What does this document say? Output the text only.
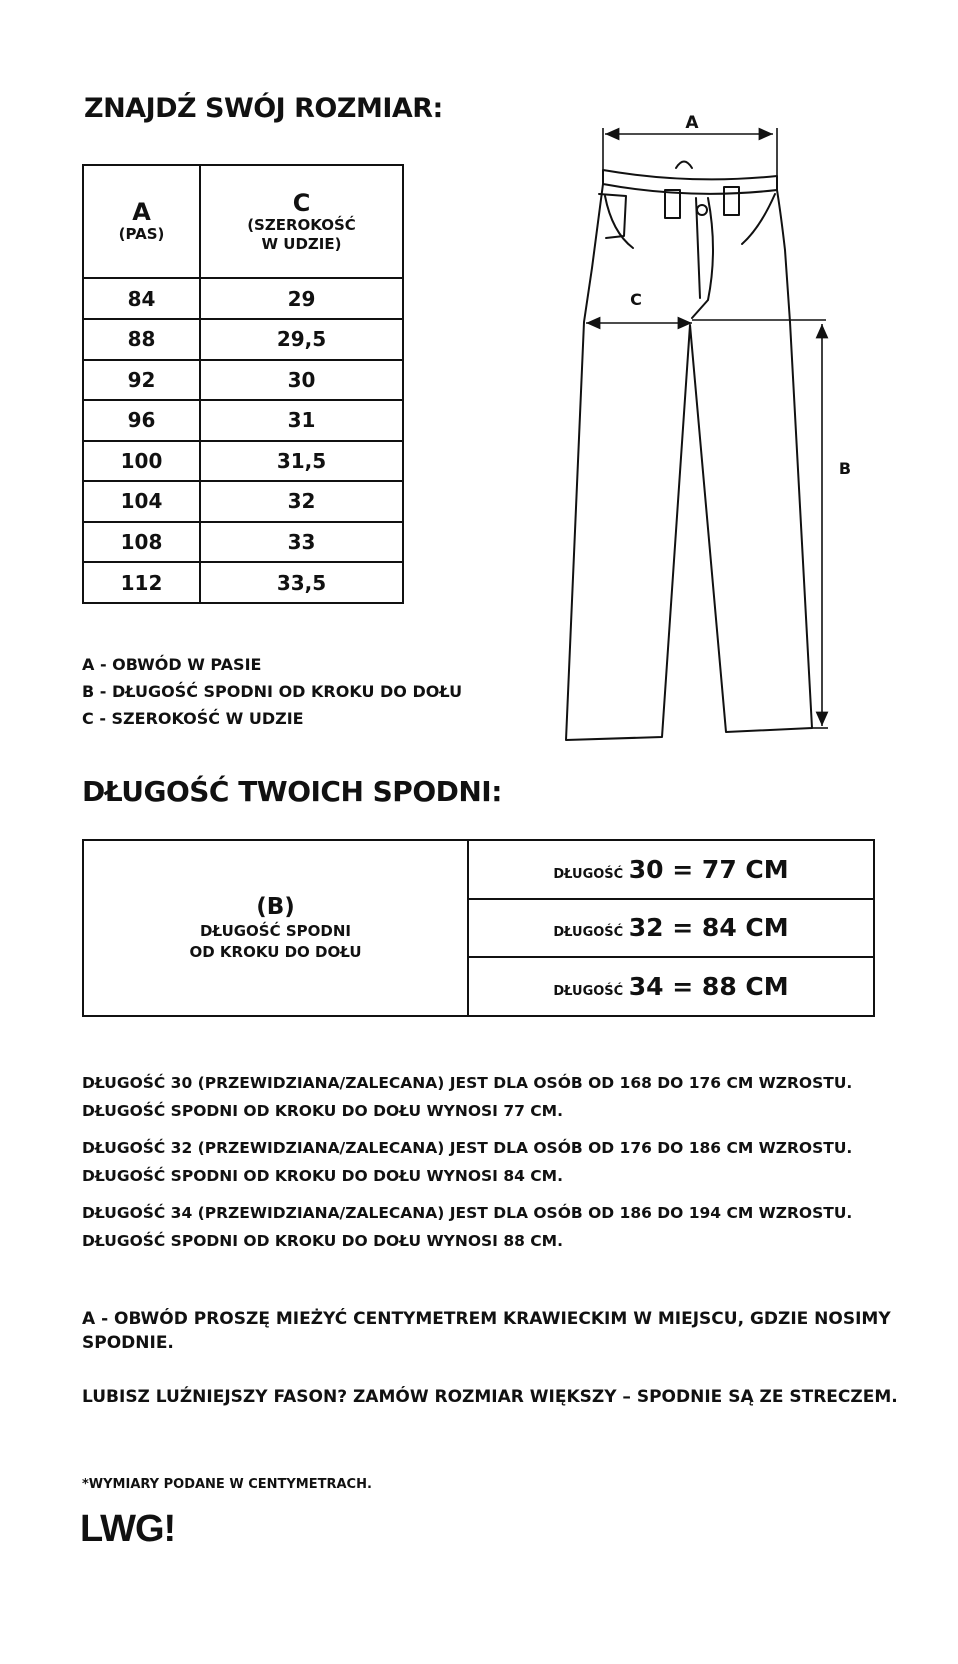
ZNAJDŹ SWÓJ ROZMIAR:
A
(PAS)	C
(SZEROKOŚĆ
W UDZIE)

84	29
88	29,5
92	30
96	31
100	31,5
104	32
108	33
112	33,5
A - OBWÓD W PASIE
B - DŁUGOŚĆ SPODNI OD KROKU DO DOŁU
C - SZEROKOŚĆ W UDZIE
A
C
B
DŁUGOŚĆ TWOICH SPODNI:
(B)
DŁUGOŚĆ SPODNI
OD KROKU DO DOŁU
	DŁUGOŚĆ 30 = 77 CM
DŁUGOŚĆ 32 = 84 CM
DŁUGOŚĆ 34 = 88 CM
DŁUGOŚĆ 30 (PRZEWIDZIANA/ZALECANA) JEST DLA OSÓB OD 168 DO 176 CM WZROSTU.
DŁUGOŚĆ SPODNI OD KROKU DO DOŁU WYNOSI 77 CM.
DŁUGOŚĆ 32 (PRZEWIDZIANA/ZALECANA) JEST DLA OSÓB OD 176 DO 186 CM WZROSTU.
DŁUGOŚĆ SPODNI OD KROKU DO DOŁU WYNOSI 84 CM.
DŁUGOŚĆ 34 (PRZEWIDZIANA/ZALECANA) JEST DLA OSÓB OD 186 DO 194 CM WZROSTU.
DŁUGOŚĆ SPODNI OD KROKU DO DOŁU WYNOSI 88 CM.
A - OBWÓD PROSZĘ MIEŻYĆ CENTYMETREM KRAWIECKIM W MIEJSCU, GDZIE NOSIMY SPODNIE.
LUBISZ LUŹNIEJSZY FASON? ZAMÓW ROZMIAR WIĘKSZY – SPODNIE SĄ ZE STRECZEM.
*WYMIARY PODANE W CENTYMETRACH.
LWG!
